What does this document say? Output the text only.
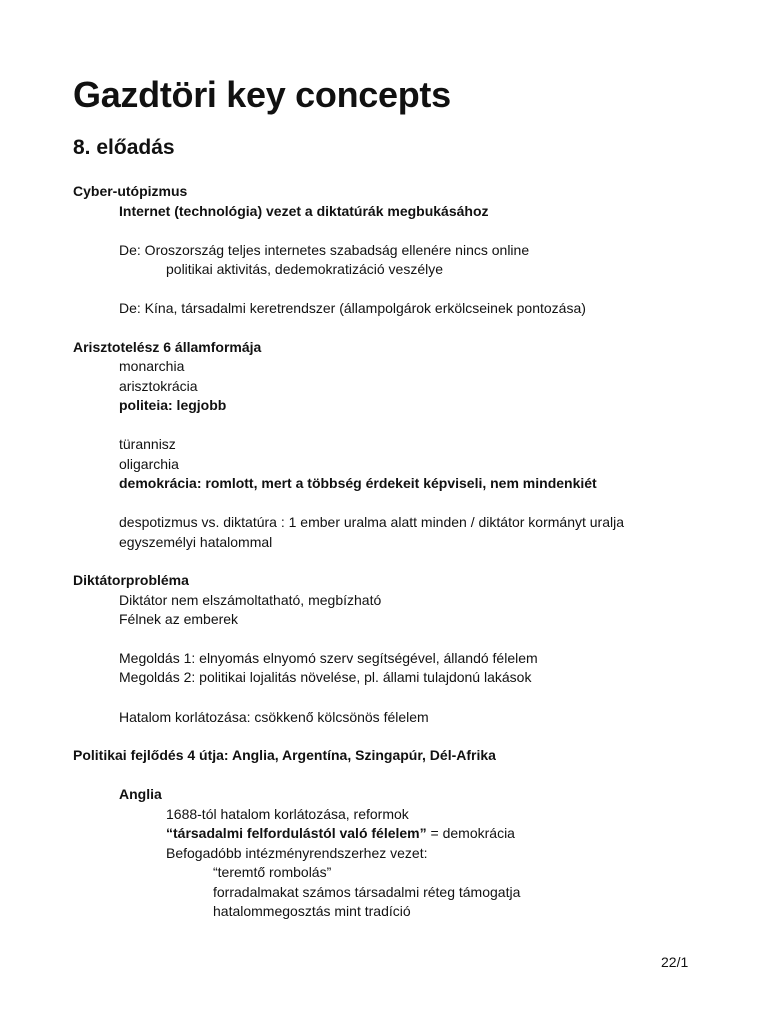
Gazdtöri key concepts
8. előadás
Cyber-utópizmus
Internet (technológia) vezet a diktatúrák megbukásához
De: Oroszország teljes internetes szabadság ellenére nincs online
politikai aktivitás, dedemokratizáció veszélye
De: Kína, társadalmi keretrendszer (állampolgárok erkölcseinek pontozása)
Arisztotelész 6 államformája
monarchia
arisztokrácia
politeia: legjobb
türannisz
oligarchia
demokrácia: romlott, mert a többség érdekeit képviseli, nem mindenkiét
despotizmus vs. diktatúra : 1 ember uralma alatt minden / diktátor kormányt uralja
egyszemélyi hatalommal
Diktátorprobléma
Diktátor nem elszámoltatható, megbízható
Félnek az emberek
Megoldás 1: elnyomás elnyomó szerv segítségével, állandó félelem
Megoldás 2: politikai lojalitás növelése, pl. állami tulajdonú lakások
Hatalom korlátozása: csökkenő kölcsönös félelem
Politikai fejlődés 4 útja: Anglia, Argentína, Szingapúr, Dél-Afrika
Anglia
1688-tól hatalom korlátozása, reformok
“társadalmi felfordulástól való félelem” = demokrácia
Befogadóbb intézményrendszerhez vezet:
“teremtő rombolás”
forradalmakat számos társadalmi réteg támogatja
hatalommegosztás mint tradíció
22/1
